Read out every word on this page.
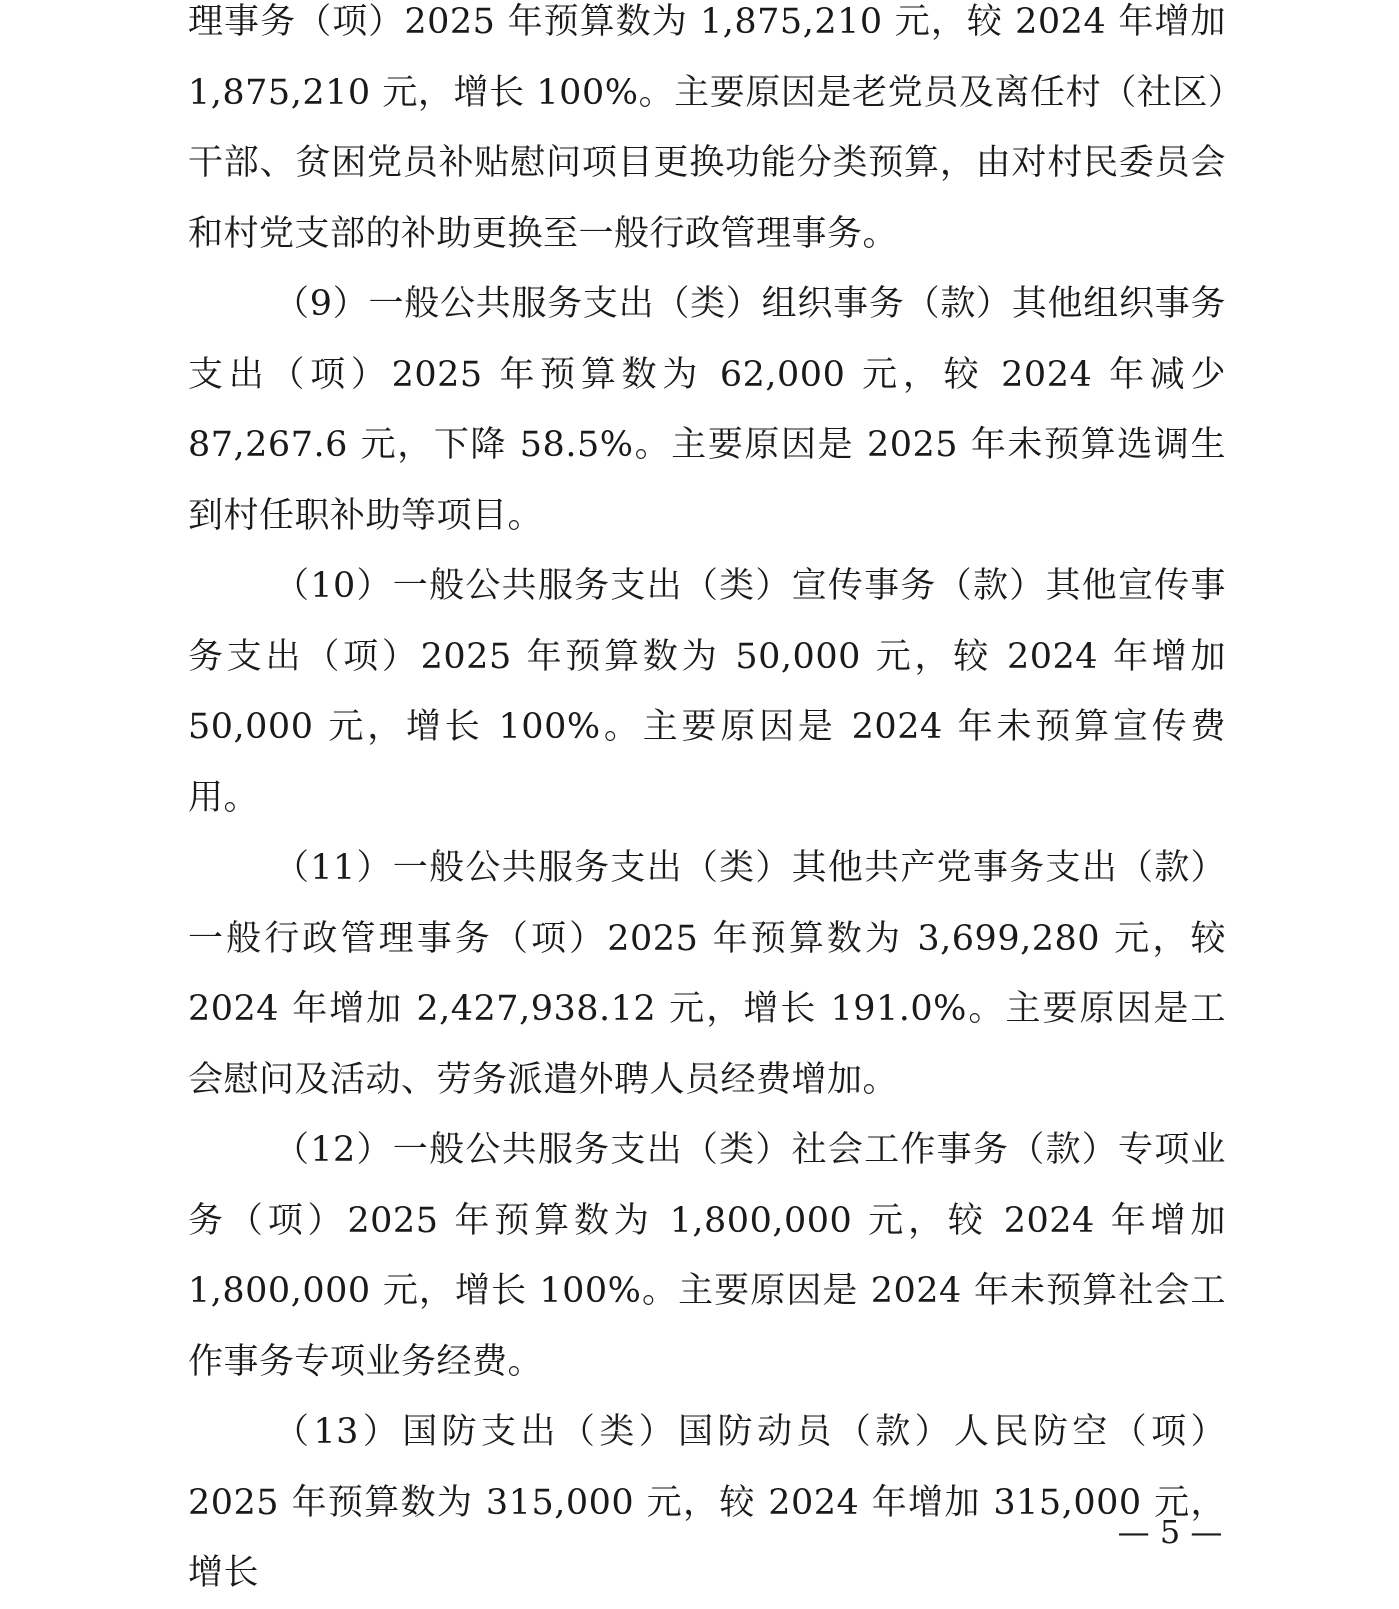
理事务（项）2025 年预算数为 1,875,210 元，较 2024 年增加 1,875,210 元，增长 100%。主要原因是老党员及离任村（社区）干部、贫困党员补贴慰问项目更换功能分类预算，由对村民委员会和村党支部的补助更换至一般行政管理事务。

（9）一般公共服务支出（类）组织事务（款）其他组织事务支出（项）2025 年预算数为 62,000 元，较 2024 年减少 87,267.6 元，下降 58.5%。主要原因是 2025 年未预算选调生到村任职补助等项目。

（10）一般公共服务支出（类）宣传事务（款）其他宣传事务支出（项）2025 年预算数为 50,000 元，较 2024 年增加 50,000 元，增长 100%。主要原因是 2024 年未预算宣传费用。

（11）一般公共服务支出（类）其他共产党事务支出（款）一般行政管理事务（项）2025 年预算数为 3,699,280 元，较 2024 年增加 2,427,938.12 元，增长 191.0%。主要原因是工会慰问及活动、劳务派遣外聘人员经费增加。

（12）一般公共服务支出（类）社会工作事务（款）专项业务（项）2025 年预算数为 1,800,000 元，较 2024 年增加 1,800,000 元，增长 100%。主要原因是 2024 年未预算社会工作事务专项业务经费。

（13）国防支出（类）国防动员（款）人民防空（项）2025 年预算数为 315,000 元，较 2024 年增加 315,000 元，增长

— 5 —
